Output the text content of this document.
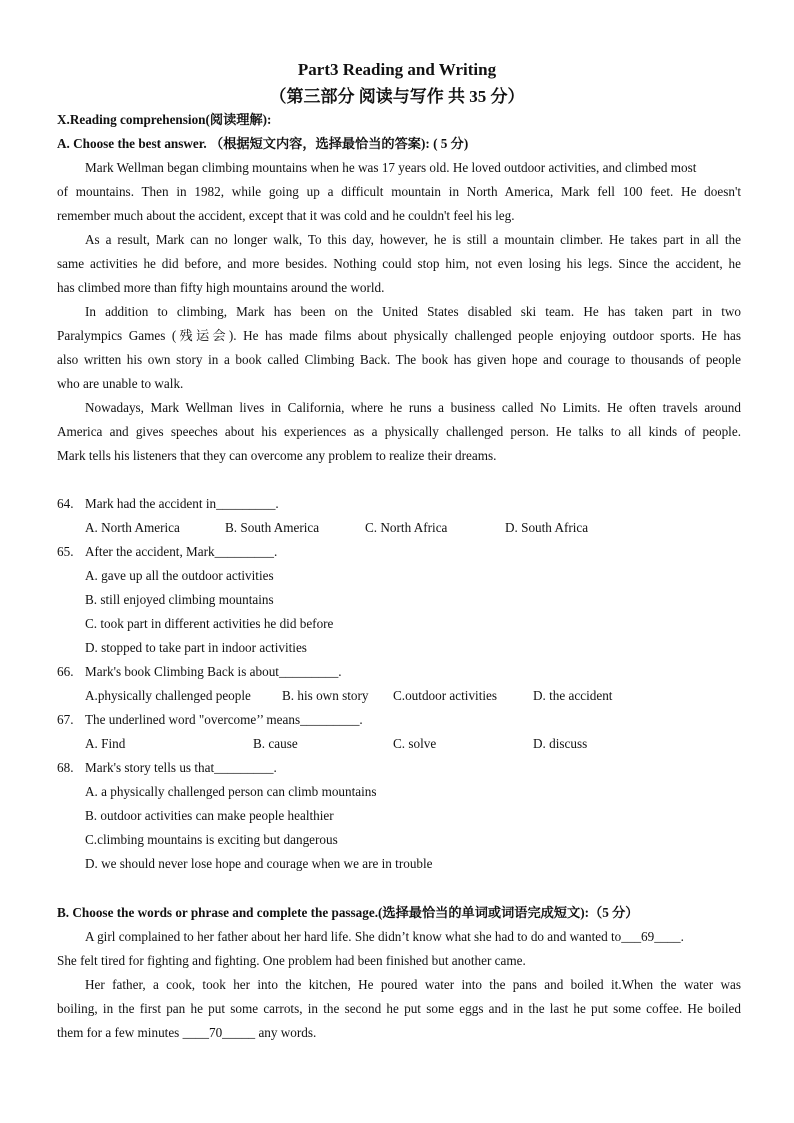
Part3 Reading and Writing
（第三部分 阅读与写作 共 35 分）
X.Reading comprehension(阅读理解):
A. Choose the best answer. （根据短文内容，选择最恰当的答案): ( 5 分)
Mark Wellman began climbing mountains when he was 17 years old. He loved outdoor activities, and climbed most
of mountains. Then in 1982, while going up a difficult mountain in North America, Mark fell 100 feet. He doesn't
remember much about the accident, except that it was cold and he couldn't feel his leg.
As a result, Mark can no longer walk, To this day, however, he is still a mountain climber. He takes part in all the
same activities he did before, and more besides. Nothing could stop him, not even losing his legs. Since the accident, he
has climbed more than fifty high mountains around the world.
In addition to climbing, Mark has been on the United States disabled ski team. He has taken part in two
Paralympics Games (残运会). He has made films about physically challenged people enjoying outdoor sports. He has
also written his own story in a book called Climbing Back. The book has given hope and courage to thousands of people
who are unable to walk.
Nowadays, Mark Wellman lives in California, where he runs a business called No Limits. He often travels around
America and gives speeches about his experiences as a physically challenged person. He talks to all kinds of people.
Mark tells his listeners that they can overcome any problem to realize their dreams.
64. Mark had the accident in_________.
A. North America	B. South America	C. North Africa	D. South Africa
65. After the accident, Mark_________.
A. gave up all the outdoor activities
B. still enjoyed climbing mountains
C. took part in different activities he did before
D. stopped to take part in indoor activities
66. Mark's book Climbing Back is about_________.
A.physically challenged people B. his own story C.outdoor activities	D. the accident
67. The underlined word "overcome’’ means_________.
A. Find	B. cause	C. solve	D. discuss
68. Mark's story tells us that_________.
A. a physically challenged person can climb mountains
B. outdoor activities can make people healthier
C.climbing mountains is exciting but dangerous
D. we should never lose hope and courage when we are in trouble
B. Choose the words or phrase and complete the passage.(选择最恰当的单词或词语完成短文):（5 分）
A girl complained to her father about her hard life. She didn’t know what she had to do and wanted to___69____.
She felt tired for fighting and fighting. One problem had been finished but another came.
Her father, a cook, took her into the kitchen, He poured water into the pans and boiled it.When the water was
boiling, in the first pan he put some carrots, in the second he put some eggs and in the last he put some coffee. He boiled
them for a few minutes ____70_____ any words.
